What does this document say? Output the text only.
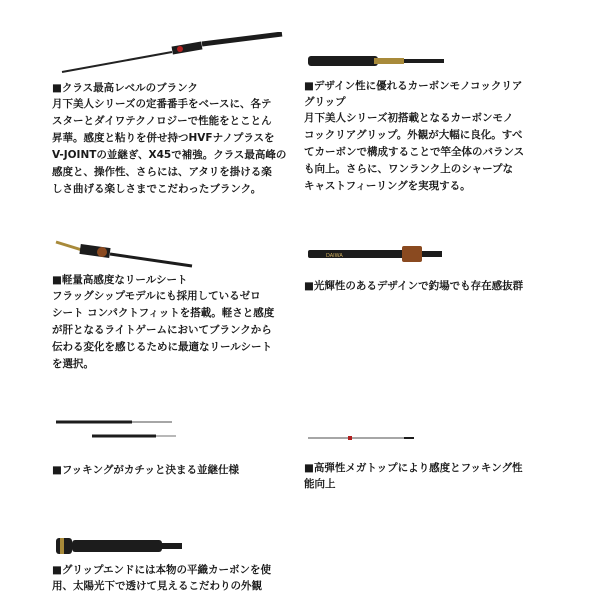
■クラス最高レベルのブランク

月下美人シリーズの定番番手をベースに、各テ

スターとダイワテクノロジーで性能をとことん

昇華。感度と粘りを併せ持つHVFナノプラスを

V-JOINTの並継ぎ、X45で補強。クラス最高峰の

感度と、操作性、さらには、アタリを掛ける楽

しさ曲げる楽しさまでこだわったブランク。

■デザイン性に優れるカーボンモノコックリア

グリップ

月下美人シリーズ初搭載となるカーボンモノ

コックリアグリップ。外観が大幅に良化。すべ

てカーボンで構成することで竿全体のバランス

も向上。さらに、ワンランク上のシャープな

キャストフィーリングを実現する。

■軽量高感度なリールシート

フラッグシップモデルにも採用しているゼロ

シート コンパクトフィットを搭載。軽さと感度

が肝となるライトゲームにおいてブランクから

伝わる変化を感じるために最適なリールシート

を選択。

DAIWA

■光輝性のあるデザインで釣場でも存在感抜群

■フッキングがカチッと決まる並継仕様	■高弾性メガトップにより感度とフッキング性

能向上

■グリップエンドには本物の平織カーボンを使

用、太陽光下で透けて見えるこだわりの外観
